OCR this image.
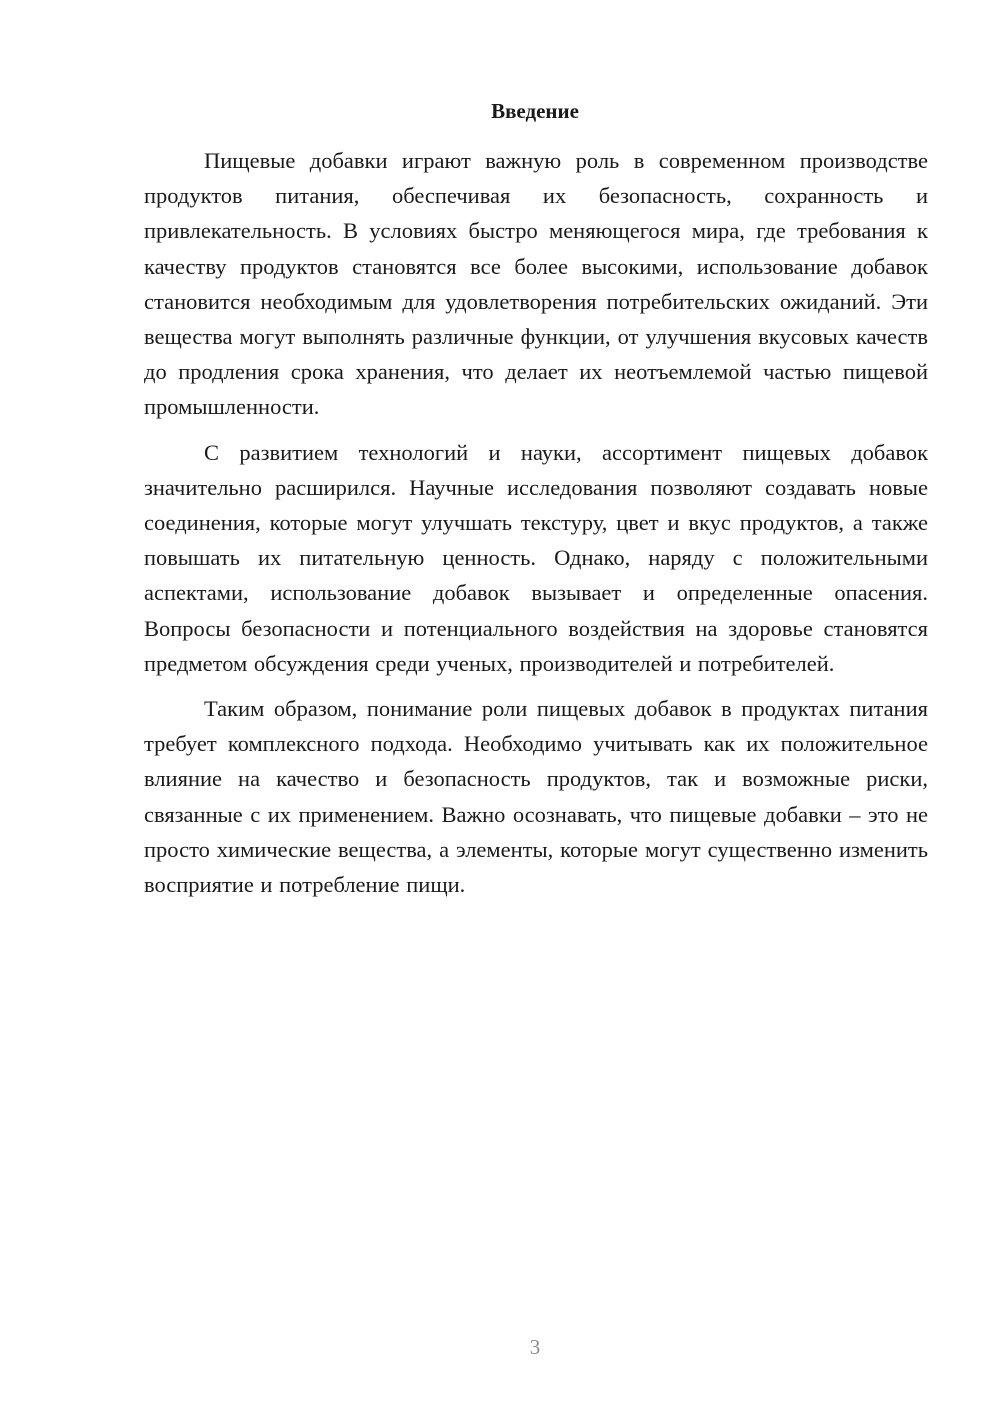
Введение

Пищевые добавки играют важную роль в современном производстве продуктов питания, обеспечивая их безопасность, сохранность и привлекательность. В условиях быстро меняющегося мира, где требования к качеству продуктов становятся все более высокими, использование добавок становится необходимым для удовлетворения потребительских ожиданий. Эти вещества могут выполнять различные функции, от улучшения вкусовых качеств до продления срока хранения, что делает их неотъемлемой частью пищевой промышленности.

С развитием технологий и науки, ассортимент пищевых добавок значительно расширился. Научные исследования позволяют создавать новые соединения, которые могут улучшать текстуру, цвет и вкус продуктов, а также повышать их питательную ценность. Однако, наряду с положительными аспектами, использование добавок вызывает и определенные опасения. Вопросы безопасности и потенциального воздействия на здоровье становятся предметом обсуждения среди ученых, производителей и потребителей.

Таким образом, понимание роли пищевых добавок в продуктах питания требует комплексного подхода. Необходимо учитывать как их положительное влияние на качество и безопасность продуктов, так и возможные риски, связанные с их применением. Важно осознавать, что пищевые добавки – это не просто химические вещества, а элементы, которые могут существенно изменить восприятие и потребление пищи.

3
